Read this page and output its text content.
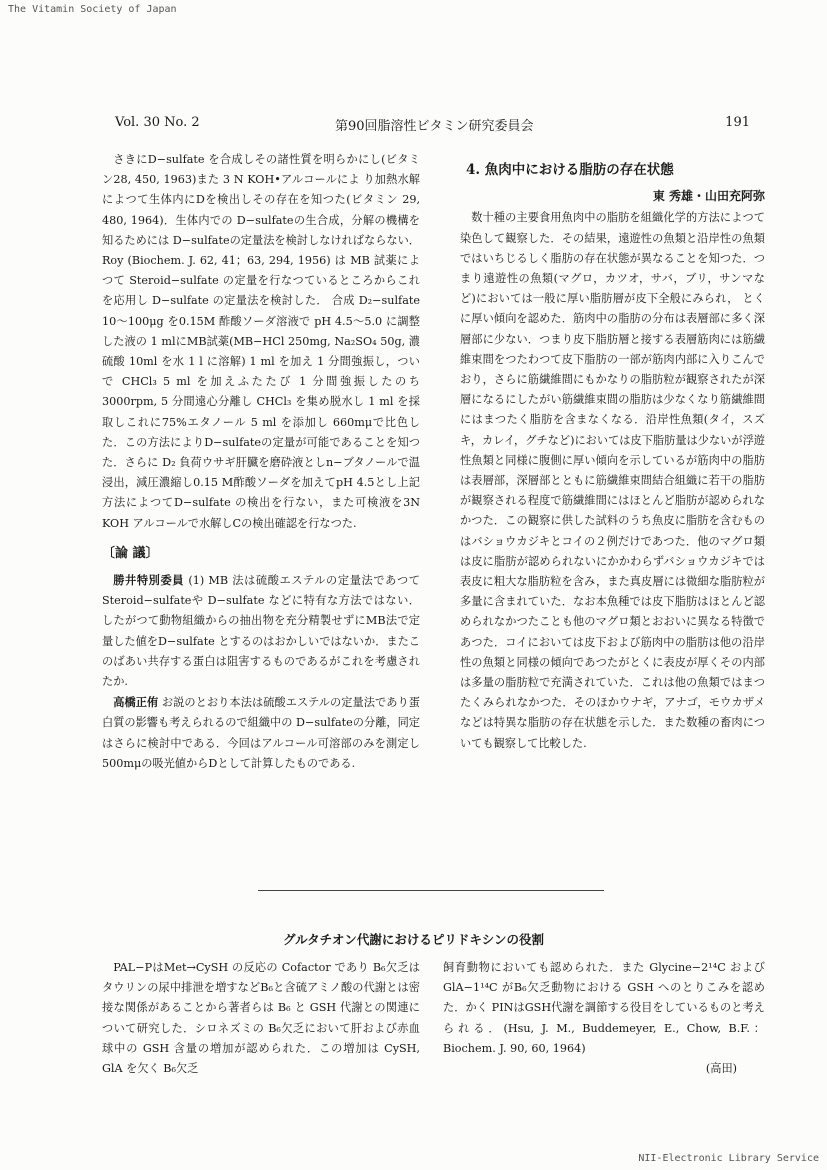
The Vitamin Society of Japan
Vol. 30 No. 2	第90回脂溶性ビタミン研究委員会	191

さきにD−sulfate を合成しその諸性質を明らかにし(ビタミン28, 450, 1963)また 3 N KOH•アルコールによ り加熱水解によつて生体内にDを検出しその存在を知つた(ビタミン 29, 480, 1964)．生体内での D−sulfateの生合成，分解の機構を知るためには D−sulfateの定量法を検討しなければならない．Roy (Biochem. J. 62, 41；63, 294, 1956) は MB 試薬によつて Steroid−sulfate の定量を行なつているところからこれを応用し D−sulfate の定量法を検討した． 合成 D₂−sulfate 10〜100μg を0.15M 酢酸ソーダ溶液で pH 4.5〜5.0 に調整した液の 1 mlにMB試薬(MB−HCl 250mg, Na₂SO₄ 50g, 濃硫酸 10ml を水 1 l に溶解) 1 ml を加え 1 分間強振し，ついで CHCl₃ 5 ml を加えふたたび 1 分間強振したのち 3000rpm, 5 分間遠心分離し CHCl₃ を集め脱水し 1 ml を採取しこれに75%エタノール 5 ml を添加し 660mμで比色した．この方法によりD−sulfateの定量が可能であることを知つた．さらに D₂ 負荷ウサギ肝臓を磨砕液としn−ブタノールで温浸出，減圧濃縮し0.15 M酢酸ソーダを加えてpH 4.5とし上記方法によつてD−sulfate の検出を行ない，また可検液を3N KOH アルコールで水解しCの検出確認を行なつた.

〔論 議〕

勝井特別委員 (1) MB 法は硫酸エステルの定量法であつてSteroid−sulfateや D−sulfate などに特有な方法ではない．したがつて動物組織からの抽出物を充分精製せずにMB法で定量した値をD−sulfate とするのはおかしいではないか．またこのばあい共存する蛋白は阻害するものであるがこれを考慮されたか.

高橋正侑 お説のとおり本法は硫酸エステルの定量法であり蛋白質の影響も考えられるので組織中の D−sulfateの分離，同定はさらに検討中である．今回はアルコール可溶部のみを測定し500mμの吸光値からDとして計算したものである.

4. 魚肉中における脂肪の存在状態

東 秀雄・山田充阿弥

数十種の主要食用魚肉中の脂肪を組織化学的方法によつて染色して観察した．その結果，遠遊性の魚類と沿岸性の魚類ではいちじるしく脂肪の存在状態が異なることを知つた．つまり遠遊性の魚類(マグロ，カツオ，サバ，ブリ，サンマなど)においては一般に厚い脂肪層が皮下全般にみられ， とくに厚い傾向を認めた．筋肉中の脂肪の分布は表層部に多く深層部に少ない．つまり皮下脂肪層と接する表層筋肉には筋繊維束間をつたわつて皮下脂肪の一部が筋肉内部に入りこんでおり，さらに筋繊維間にもかなりの脂肪粒が観察されたが深層になるにしたがい筋繊維束間の脂肪は少なくなり筋繊維間にはまつたく脂肪を含まなくなる．沿岸性魚類(タイ，スズキ，カレイ，グチなど)においては皮下脂肪量は少ないが浮遊性魚類と同様に腹側に厚い傾向を示しているが筋肉中の脂肪は表層部，深層部とともに筋繊維束間結合組織に若干の脂肪が観察される程度で筋繊維間にはほとんど脂肪が認められなかつた．この観察に供した試料のうち魚皮に脂肪を含むものはバショウカジキとコイの２例だけであつた．他のマグロ類は皮に脂肪が認められないにかかわらずバショウカジキでは表皮に粗大な脂肪粒を含み，また真皮層には微細な脂肪粒が多量に含まれていた．なお本魚種では皮下脂肪はほとんど認められなかつたことも他のマグロ類とおおいに異なる特徴であつた．コイにおいては皮下および筋肉中の脂肪は他の沿岸性の魚類と同様の傾向であつたがとくに表皮が厚くその内部は多量の脂肪粒で充満されていた．これは他の魚類ではまつたくみられなかつた．そのほかウナギ，アナゴ，モウカザメなどは特異な脂肪の存在状態を示した．また数種の畜肉についても観察して比較した.

グルタチオン代謝におけるピリドキシンの役割

PAL−PはMet→CySH の反応の Cofactor であり B₆欠乏はタウリンの尿中排泄を増すなどB₆と含硫アミノ酸の代謝とは密接な関係があることから著者らは B₆ と GSH 代謝との関連について研究した．シロネズミの B₆欠乏において肝および赤血球中の GSH 含量の増加が認められた．この増加は CySH, GlA を欠く B₆欠乏

飼育動物においても認められた．また Glycine−2¹⁴C およびGlA−1¹⁴C がB₆欠乏動物における GSH へのとりこみを認めた．かく PINはGSH代謝を調節する役目をしているものと考えられる．(Hsu, J. M., Buddemeyer, E., Chow, B.F.：Biochem. J. 90, 60, 1964)

(高田)

NII-Electronic Library Service
